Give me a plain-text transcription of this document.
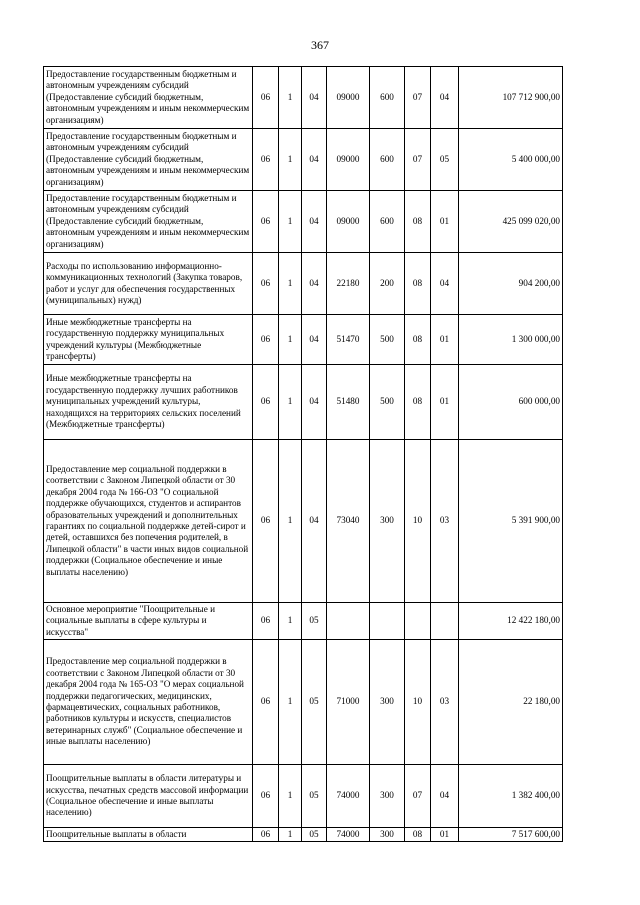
367
Предоставление государственным бюджетным и автономным учреждениям субсидий (Предоставление субсидий бюджетным, автономным учреждениям и иным некоммерческим организациям)	06	1	04	09000	600	07	04	107 712 900,00
Предоставление государственным бюджетным и автономным учреждениям субсидий (Предоставление субсидий бюджетным, автономным учреждениям и иным некоммерческим организациям)	06	1	04	09000	600	07	05	5 400 000,00
Предоставление государственным бюджетным и автономным учреждениям субсидий (Предоставление субсидий бюджетным, автономным учреждениям и иным некоммерческим организациям)	06	1	04	09000	600	08	01	425 099 020,00
Расходы по использованию информационно-коммуникационных технологий (Закупка товаров, работ и услуг для обеспечения государственных (муниципальных) нужд)	06	1	04	22180	200	08	04	904 200,00
Иные межбюджетные трансферты на государственную поддержку муниципальных учреждений культуры (Межбюджетные трансферты)	06	1	04	51470	500	08	01	1 300 000,00
Иные межбюджетные трансферты на государственную поддержку лучших работников муниципальных учреждений культуры, находящихся на территориях сельских поселений (Межбюджетные трансферты)	06	1	04	51480	500	08	01	600 000,00
Предоставление мер социальной поддержки в соответствии с Законом Липецкой области от 30 декабря 2004 года № 166-ОЗ "О социальной поддержке обучающихся, студентов и аспирантов образовательных учреждений и дополнительных гарантиях по социальной поддержке детей-сирот и детей, оставшихся без попечения родителей, в Липецкой области" в части иных видов социальной поддержки (Социальное обеспечение и иные выплаты населению)	06	1	04	73040	300	10	03	5 391 900,00
Основное мероприятие "Поощрительные и социальные выплаты в сфере культуры и искусства"	06	1	05					12 422 180,00
Предоставление мер социальной поддержки в соответствии с Законом Липецкой области от 30 декабря 2004 года № 165-ОЗ "О мерах социальной поддержки педагогических, медицинских, фармацевтических, социальных работников, работников культуры и искусств, специалистов ветеринарных служб" (Социальное обеспечение и иные выплаты населению)	06	1	05	71000	300	10	03	22 180,00
Поощрительные выплаты в области литературы и искусства, печатных средств массовой информации (Социальное обеспечение и иные выплаты населению)	06	1	05	74000	300	07	04	1 382 400,00
Поощрительные выплаты в области	06	1	05	74000	300	08	01	7 517 600,00
